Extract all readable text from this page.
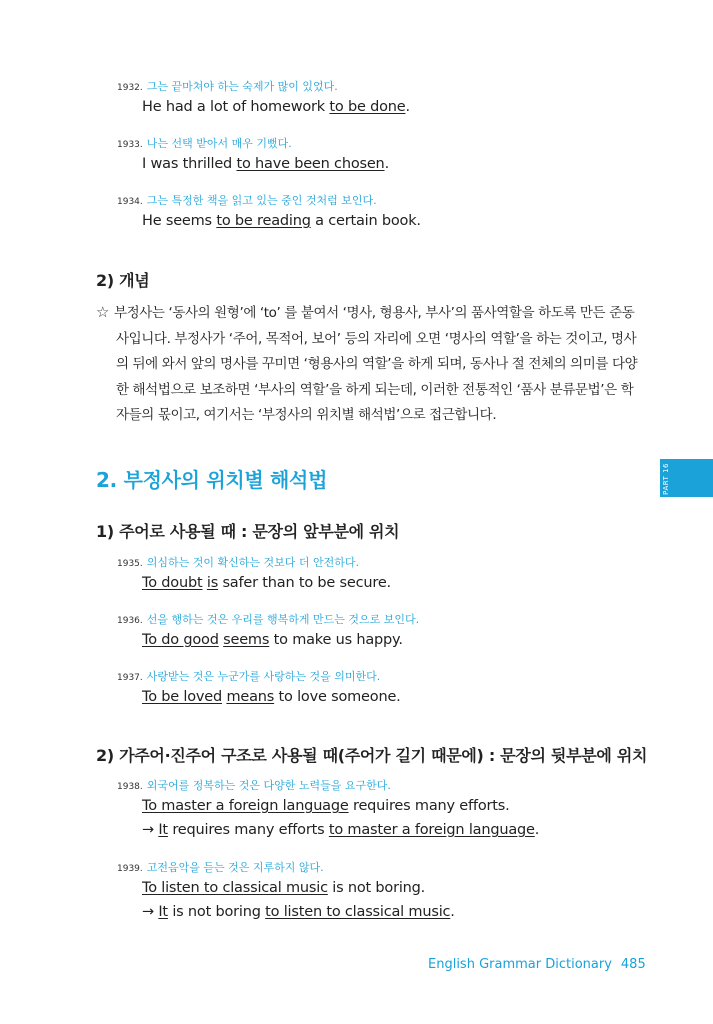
1932. 그는 끝마쳐야 하는 숙제가 많이 있었다.
He had a lot of homework to be done.
1933. 나는 선택 받아서 매우 기뻤다.
I was thrilled to have been chosen.
1934. 그는 특정한 책을 읽고 있는 중인 것처럼 보인다.
He seems to be reading a certain book.
2) 개념
☆ 부정사는 ‘동사의 원형’에 ‘to’ 를 붙여서 ‘명사, 형용사, 부사’의 품사역할을 하도록 만든 준동
사입니다. 부정사가 ‘주어, 목적어, 보어’ 등의 자리에 오면 ‘명사의 역할’을 하는 것이고, 명사
의 뒤에 와서 앞의 명사를 꾸미면 ‘형용사의 역할’을 하게 되며, 동사나 절 전체의 의미를 다양
한 해석법으로 보조하면 ‘부사의 역할’을 하게 되는데, 이러한 전통적인 ‘품사 분류문법’은 학
자들의 몫이고, 여기서는 ‘부정사의 위치별 해석법’으로 접근합니다.
2. 부정사의 위치별 해석법	PART 16
1) 주어로 사용될 때 : 문장의 앞부분에 위치
1935. 의심하는 것이 확신하는 것보다 더 안전하다.
To doubt is safer than to be secure.
1936. 선을 행하는 것은 우리를 행복하게 만드는 것으로 보인다.
To do good seems to make us happy.
1937. 사랑받는 것은 누군가를 사랑하는 것을 의미한다.
To be loved means to love someone.
2) 가주어·진주어 구조로 사용될 때(주어가 길기 때문에) : 문장의 뒷부분에 위치
1938. 외국어를 정복하는 것은 다양한 노력들을 요구한다.
To master a foreign language requires many efforts.
→ It requires many efforts to master a foreign language.
1939. 고전음악을 듣는 것은 지루하지 않다.
To listen to classical music is not boring.
→ It is not boring to listen to classical music.
English Grammar Dictionary 485
